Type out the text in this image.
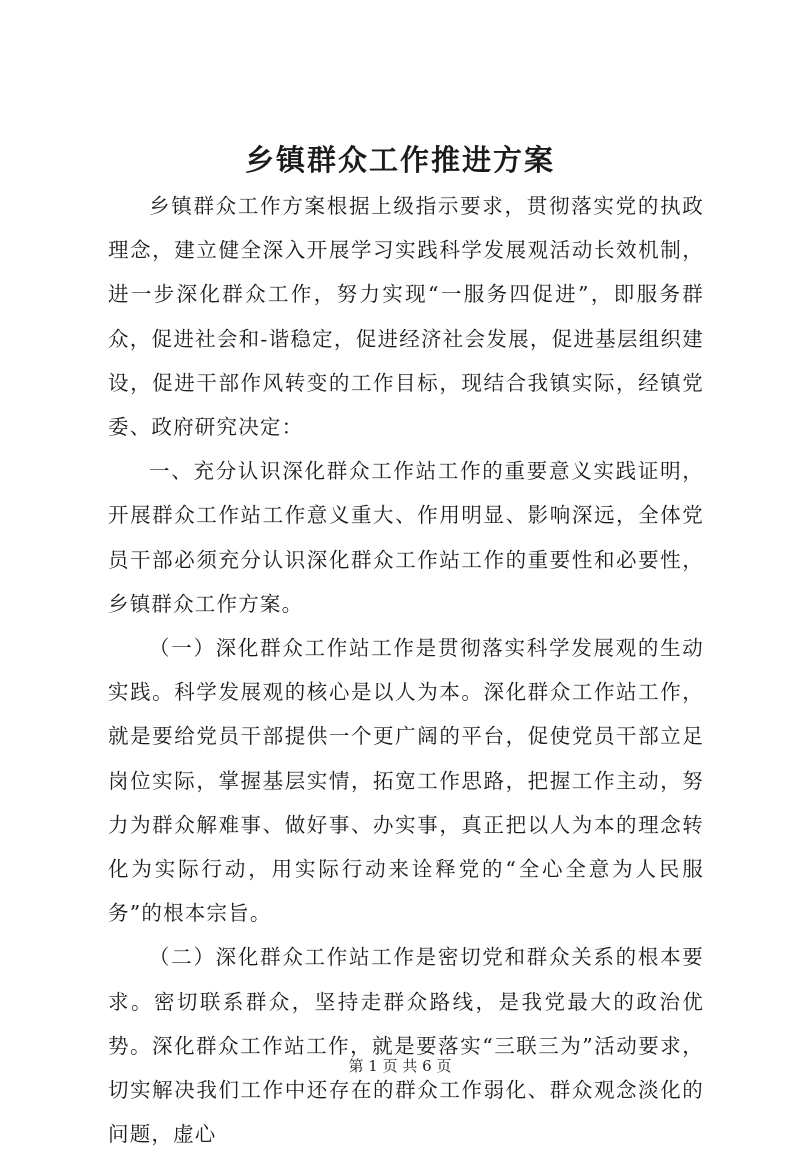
乡镇群众工作推进方案

乡镇群众工作方案根据上级指示要求，贯彻落实党的执政理念，建立健全深入开展学习实践科学发展观活动长效机制，进一步深化群众工作，努力实现“一服务四促进”，即服务群众，促进社会和-谐稳定，促进经济社会发展，促进基层组织建设，促进干部作风转变的工作目标，现结合我镇实际，经镇党委、政府研究决定：

一、充分认识深化群众工作站工作的重要意义实践证明，开展群众工作站工作意义重大、作用明显、影响深远，全体党员干部必须充分认识深化群众工作站工作的重要性和必要性，乡镇群众工作方案。

（一）深化群众工作站工作是贯彻落实科学发展观的生动实践。科学发展观的核心是以人为本。深化群众工作站工作，就是要给党员干部提供一个更广阔的平台，促使党员干部立足岗位实际，掌握基层实情，拓宽工作思路，把握工作主动，努力为群众解难事、做好事、办实事，真正把以人为本的理念转化为实际行动，用实际行动来诠释党的“全心全意为人民服务”的根本宗旨。

（二）深化群众工作站工作是密切党和群众关系的根本要求。密切联系群众，坚持走群众路线，是我党最大的政治优势。深化群众工作站工作，就是要落实“三联三为”活动要求，切实解决我们工作中还存在的群众工作弱化、群众观念淡化的问题，虚心

第 1 页 共 6 页
